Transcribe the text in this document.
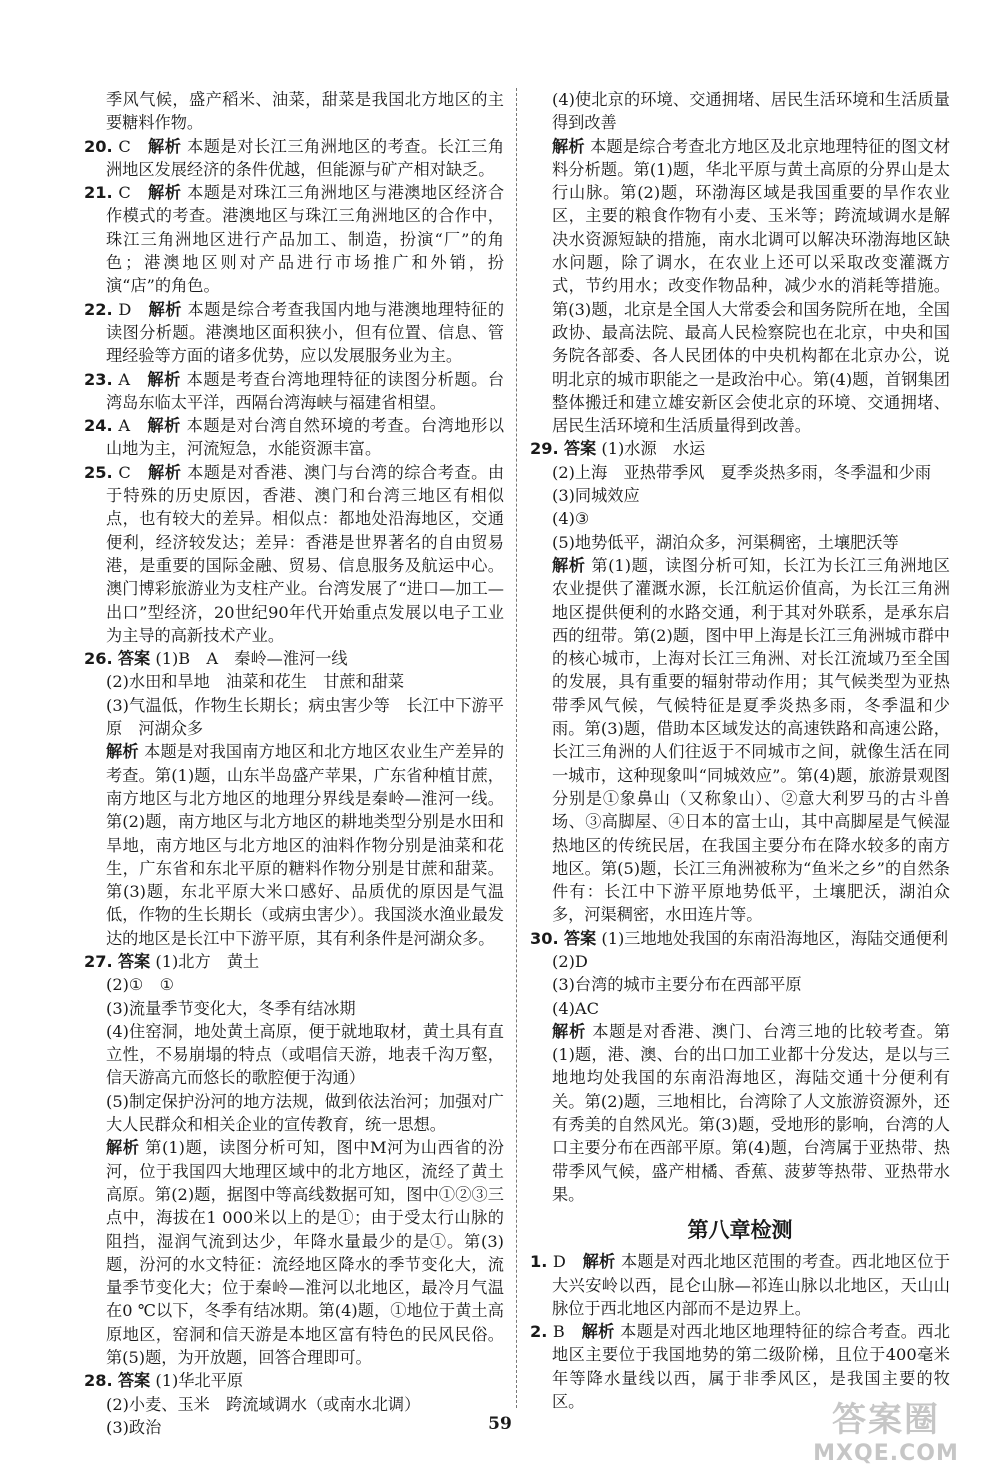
季风气候，盛产稻米、油菜，甜菜是我国北方地区的主要糖料作物。

20. C　 解析 本题是对长江三角洲地区的考查。长江三角洲地区发展经济的条件优越，但能源与矿产相对缺乏。

21. C　 解析 本题是对珠江三角洲地区与港澳地区经济合作模式的考查。港澳地区与珠江三角洲地区的合作中，珠江三角洲地区进行产品加工、制造，扮演“厂”的角色；港澳地区则对产品进行市场推广和外销，扮演“店”的角色。

22. D　 解析 本题是综合考查我国内地与港澳地理特征的读图分析题。港澳地区面积狭小，但有位置、信息、管理经验等方面的诸多优势，应以发展服务业为主。

23. A　 解析 本题是考查台湾地理特征的读图分析题。台湾岛东临太平洋，西隔台湾海峡与福建省相望。

24. A　 解析 本题是对台湾自然环境的考查。台湾地形以山地为主，河流短急，水能资源丰富。

25. C　 解析 本题是对香港、澳门与台湾的综合考查。由于特殊的历史原因，香港、澳门和台湾三地区有相似点，也有较大的差异。相似点：都地处沿海地区，交通便利，经济较发达；差异：香港是世界著名的自由贸易港，是重要的国际金融、贸易、信息服务及航运中心。澳门博彩旅游业为支柱产业。台湾发展了“进口—加工—出口”型经济，20世纪90年代开始重点发展以电子工业为主导的高新技术产业。

26. 答案 (1)B　A　秦岭—淮河一线

(2)水田和旱地　油菜和花生　甘蔗和甜菜

(3)气温低，作物生长期长；病虫害少等　长江中下游平原　河湖众多

解析 本题是对我国南方地区和北方地区农业生产差异的考查。第(1)题，山东半岛盛产苹果，广东省种植甘蔗，南方地区与北方地区的地理分界线是秦岭—淮河一线。第(2)题，南方地区与北方地区的耕地类型分别是水田和旱地，南方地区与北方地区的油料作物分别是油菜和花生，广东省和东北平原的糖料作物分别是甘蔗和甜菜。第(3)题，东北平原大米口感好、品质优的原因是气温低，作物的生长期长（或病虫害少）。我国淡水渔业最发达的地区是长江中下游平原，其有利条件是河湖众多。

27. 答案 (1)北方　黄土

(2)①　①

(3)流量季节变化大，冬季有结冰期

(4)住窑洞，地处黄土高原，便于就地取材，黄土具有直立性，不易崩塌的特点（或唱信天游，地表千沟万壑，信天游高亢而悠长的歌腔便于沟通）

(5)制定保护汾河的地方法规，做到依法治河；加强对广大人民群众和相关企业的宣传教育，统一思想。

解析 第(1)题，读图分析可知，图中M河为山西省的汾河，位于我国四大地理区域中的北方地区，流经了黄土高原。第(2)题，据图中等高线数据可知，图中①②③三点中，海拔在1 000米以上的是①；由于受太行山脉的阻挡，湿润气流到达少，年降水量最少的是①。第(3)题，汾河的水文特征：流经地区降水的季节变化大，流量季节变化大；位于秦岭—淮河以北地区，最冷月气温在0 ℃以下，冬季有结冰期。第(4)题，①地位于黄土高原地区，窑洞和信天游是本地区富有特色的民风民俗。第(5)题，为开放题，回答合理即可。

28. 答案 (1)华北平原

(2)小麦、玉米　跨流域调水（或南水北调）

(3)政治

(4)使北京的环境、交通拥堵、居民生活环境和生活质量得到改善

解析 本题是综合考查北方地区及北京地理特征的图文材料分析题。第(1)题，华北平原与黄土高原的分界山是太行山脉。第(2)题，环渤海区域是我国重要的旱作农业区，主要的粮食作物有小麦、玉米等；跨流域调水是解决水资源短缺的措施，南水北调可以解决环渤海地区缺水问题，除了调水，在农业上还可以采取改变灌溉方式，节约用水；改变作物品种，减少水的消耗等措施。第(3)题，北京是全国人大常委会和国务院所在地，全国政协、最高法院、最高人民检察院也在北京，中央和国务院各部委、各人民团体的中央机构都在北京办公，说明北京的城市职能之一是政治中心。第(4)题，首钢集团整体搬迁和建立雄安新区会使北京的环境、交通拥堵、居民生活环境和生活质量得到改善。

29. 答案 (1)水源　水运

(2)上海　亚热带季风　夏季炎热多雨，冬季温和少雨

(3)同城效应

(4)③

(5)地势低平，湖泊众多，河渠稠密，土壤肥沃等

解析 第(1)题，读图分析可知，长江为长江三角洲地区农业提供了灌溉水源，长江航运价值高，为长江三角洲地区提供便利的水路交通，利于其对外联系，是承东启西的纽带。第(2)题，图中甲上海是长江三角洲城市群中的核心城市，上海对长江三角洲、对长江流域乃至全国的发展，具有重要的辐射带动作用；其气候类型为亚热带季风气候，气候特征是夏季炎热多雨，冬季温和少雨。第(3)题，借助本区域发达的高速铁路和高速公路，长江三角洲的人们往返于不同城市之间，就像生活在同一城市，这种现象叫“同城效应”。第(4)题，旅游景观图分别是①象鼻山（又称象山）、②意大利罗马的古斗兽场、③高脚屋、④日本的富士山，其中高脚屋是气候湿热地区的传统民居，在我国主要分布在降水较多的南方地区。第(5)题，长江三角洲被称为“鱼米之乡”的自然条件有：长江中下游平原地势低平，土壤肥沃，湖泊众多，河渠稠密，水田连片等。

30. 答案 (1)三地地处我国的东南沿海地区，海陆交通便利

(2)D

(3)台湾的城市主要分布在西部平原

(4)AC

解析 本题是对香港、澳门、台湾三地的比较考查。第(1)题，港、澳、台的出口加工业都十分发达，是以与三地地均处我国的东南沿海地区，海陆交通十分便利有关。第(2)题，三地相比，台湾除了人文旅游资源外，还有秀美的自然风光。第(3)题，受地形的影响，台湾的人口主要分布在西部平原。第(4)题，台湾属于亚热带、热带季风气候，盛产柑橘、香蕉、菠萝等热带、亚热带水果。

第八章检测

1. D　 解析 本题是对西北地区范围的考查。西北地区位于大兴安岭以西，昆仑山脉—祁连山脉以北地区，天山山脉位于西北地区内部而不是边界上。

2. B　 解析 本题是对西北地区地理特征的综合考查。西北地区主要位于我国地势的第二级阶梯，且位于400毫米年等降水量线以西，属于非季风区，是我国主要的牧区。

59	答案圈
MXQE.COM
